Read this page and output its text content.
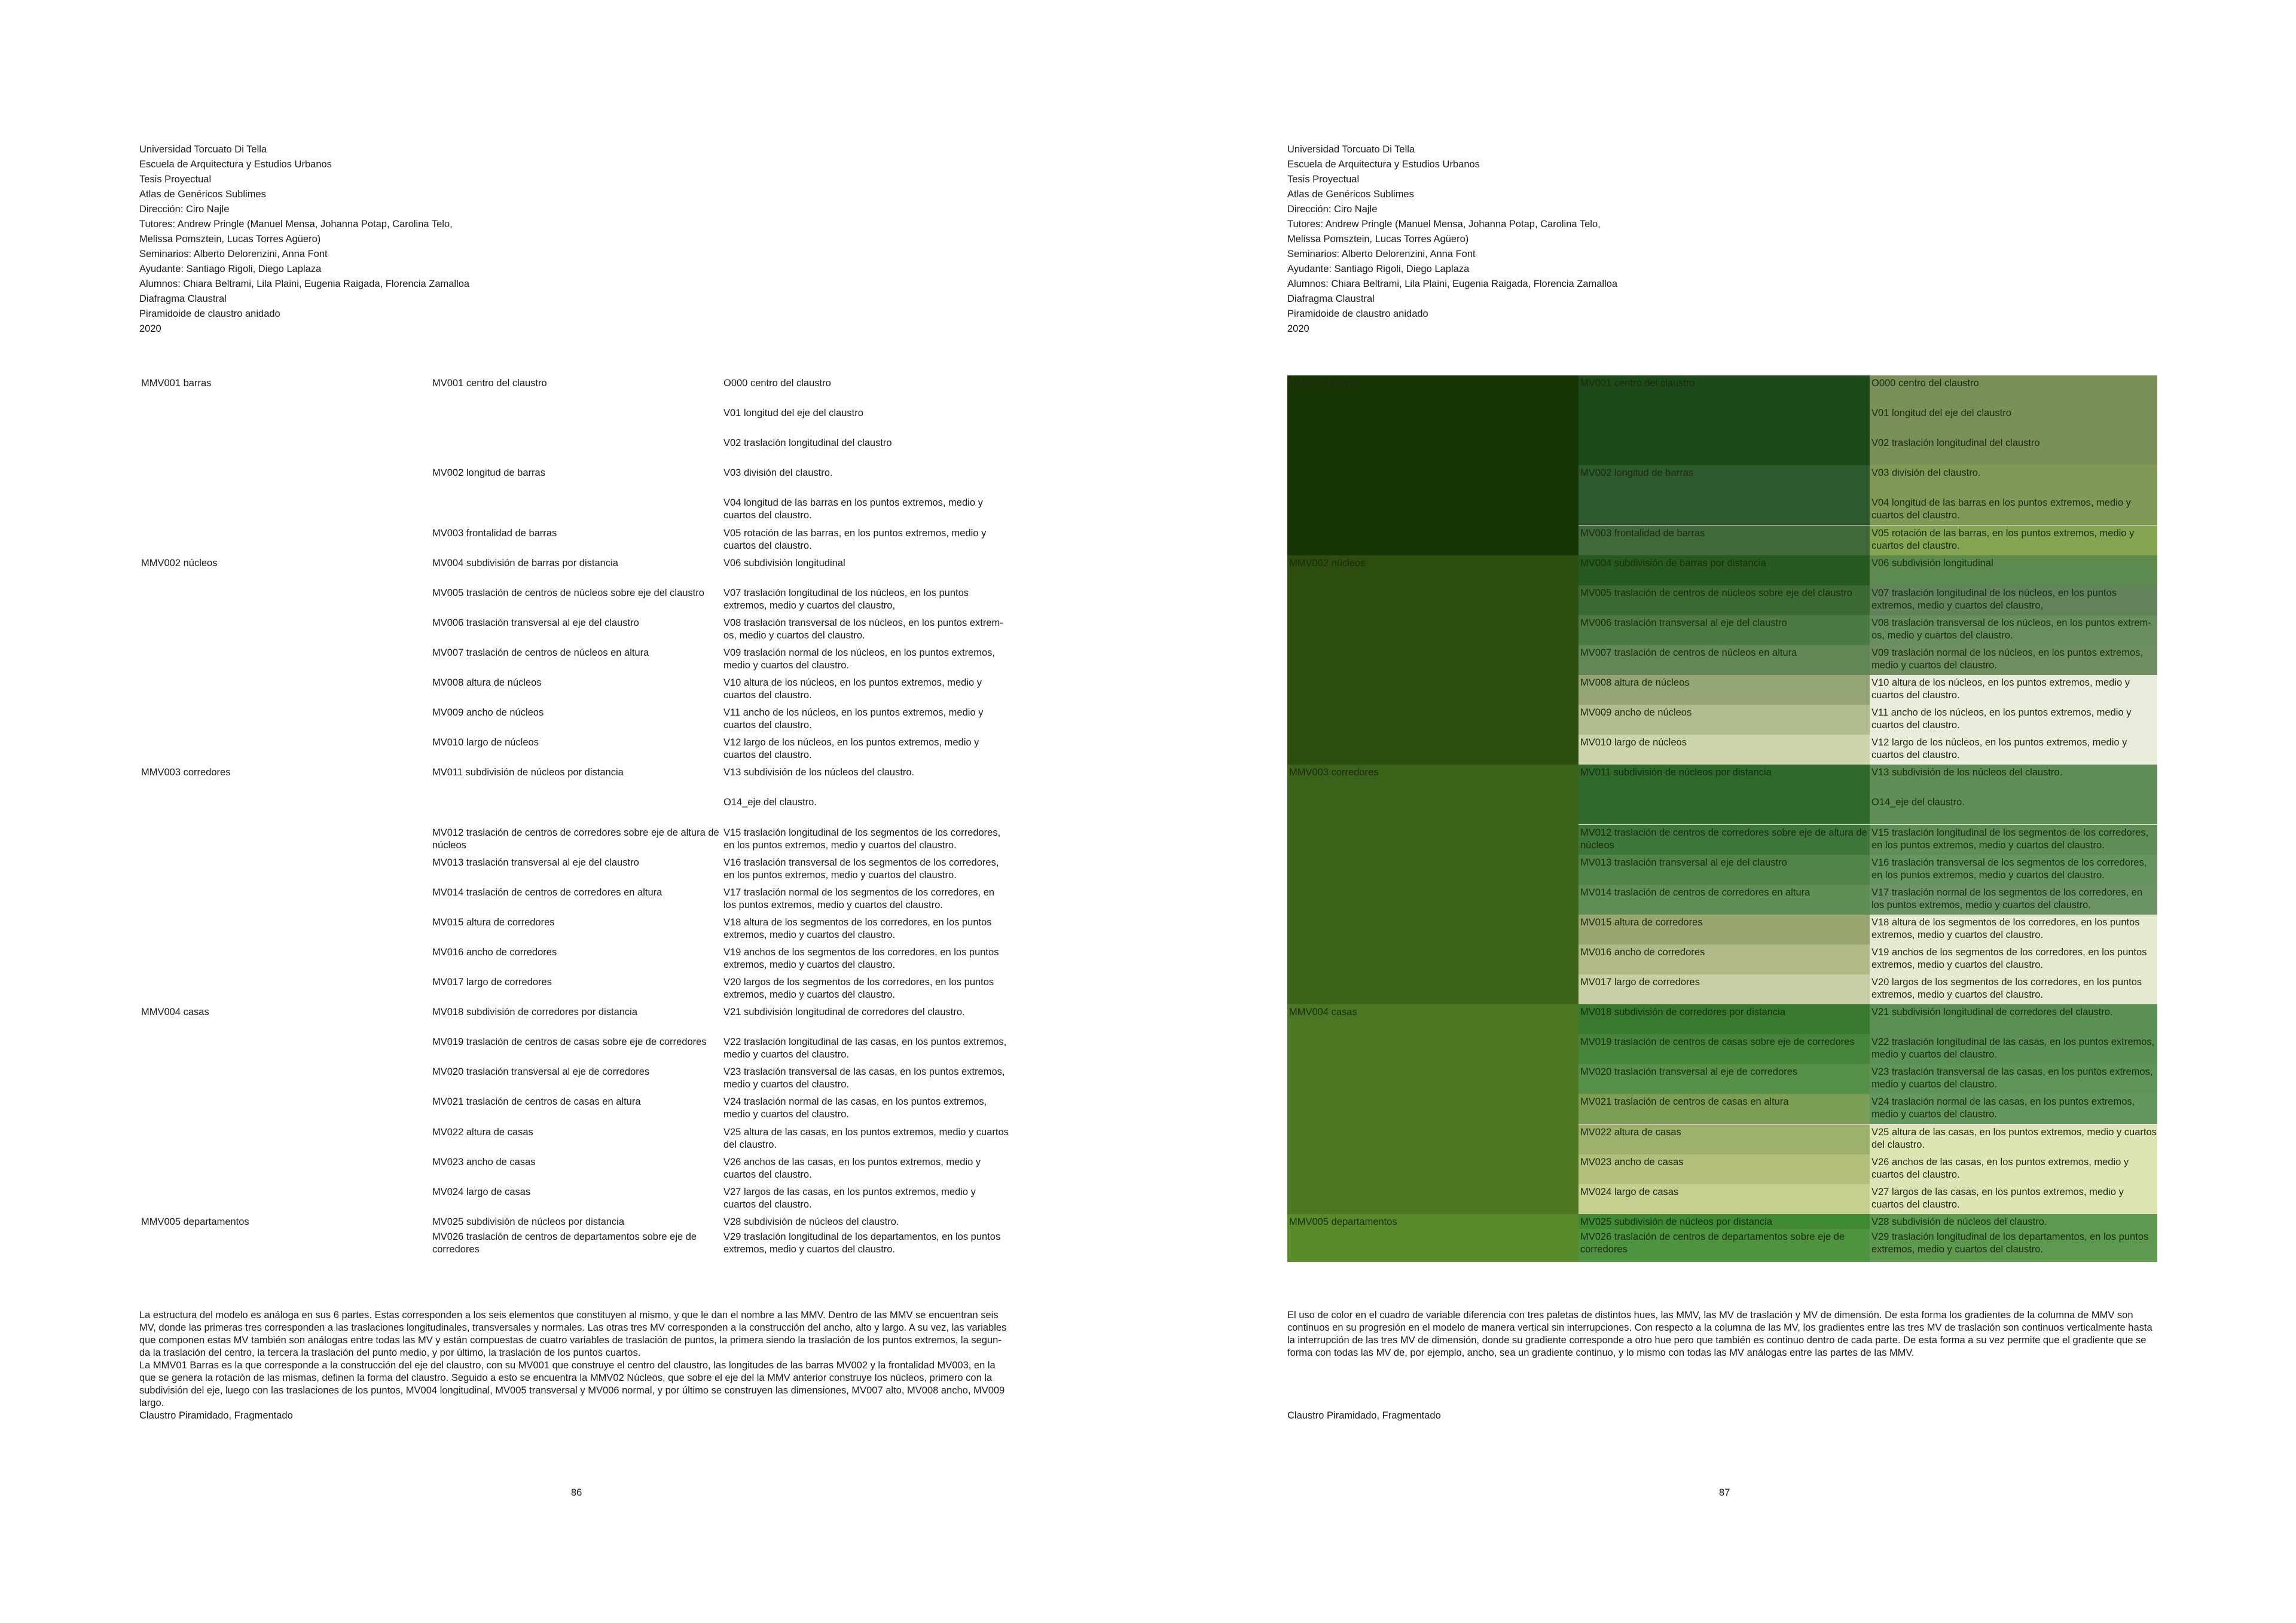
Universidad Torcuato Di Tella
Escuela de Arquitectura y Estudios Urbanos
Tesis Proyectual
Atlas de Genéricos Sublimes
Dirección: Ciro Najle
Tutores: Andrew Pringle (Manuel Mensa, Johanna Potap, Carolina Telo,
Melissa Pomsztein, Lucas Torres Agüero)
Seminarios: Alberto Delorenzini, Anna Font
Ayudante: Santiago Rigoli, Diego Laplaza
Alumnos: Chiara Beltrami, Lila Plaini, Eugenia Raigada, Florencia Zamalloa
Diafragma Claustral
Piramidoide de claustro anidado
2020
MMV001 barras
MMV002 núcleos
MMV003 corredores
MMV004 casas
MMV005 departamentos
MV001 centro del claustro
MV002 longitud de barras
MV003 frontalidad de barras
MV004 subdivisión de barras por distancia
MV005 traslación de centros de núcleos sobre eje del claustro
MV006 traslación transversal al eje del claustro
MV007 traslación de centros de núcleos en altura
MV008 altura de núcleos
MV009 ancho de núcleos
MV010 largo de núcleos
MV011 subdivisión de núcleos por distancia
MV012 traslación de centros de corredores sobre eje de altura de núcleos
MV013 traslación transversal al eje del claustro
MV014 traslación de centros de corredores en altura
MV015 altura de corredores
MV016 ancho de corredores
MV017 largo de corredores
MV018 subdivisión de corredores por distancia
MV019 traslación de centros de casas sobre eje de corredores
MV020 traslación transversal al eje de corredores
MV021 traslación de centros de casas en altura
MV022 altura de casas
MV023 ancho de casas
MV024 largo de casas
MV025 subdivisión de núcleos por distancia
MV026 traslación de centros de departamentos sobre eje de corredores
O000 centro del claustro
V01 longitud del eje del claustro
V02 traslación longitudinal del claustro
V03 división del claustro.
V04 longitud de las barras en los puntos extremos, medio y cuartos del claustro.
V05 rotación de las barras, en los puntos extremos, medio y cuartos del claustro.
V06 subdivisión longitudinal
V07 traslación longitudinal de los núcleos, en los puntos extremos, medio y cuartos del claustro,
V08 traslación transversal de los núcleos, en los puntos extrem-os, medio y cuartos del claustro.
V09 traslación normal de los núcleos, en los puntos extremos, medio y cuartos del claustro.
V10 altura de los núcleos, en los puntos extremos, medio y cuartos del claustro.
V11 ancho de los núcleos, en los puntos extremos, medio y cuartos del claustro.
V12 largo de los núcleos, en los puntos extremos, medio y cuartos del claustro.
V13 subdivisión de los núcleos del claustro.
O14_eje del claustro.
V15 traslación longitudinal de los segmentos de los corredores, en los puntos extremos, medio y cuartos del claustro.
V16 traslación transversal de los segmentos de los corredores, en los puntos extremos, medio y cuartos del claustro.
V17 traslación normal de los segmentos de los corredores, en los puntos extremos, medio y cuartos del claustro.
V18 altura de los segmentos de los corredores, en los puntos extremos, medio y cuartos del claustro.
V19 anchos de los segmentos de los corredores, en los puntos extremos, medio y cuartos del claustro.
V20 largos de los segmentos de los corredores, en los puntos extremos, medio y cuartos del claustro.
V21 subdivisión longitudinal de corredores del claustro.
V22 traslación longitudinal de las casas, en los puntos extremos, medio y cuartos del claustro.
V23 traslación transversal de las casas, en los puntos extremos, medio y cuartos del claustro.
V24 traslación normal de las casas, en los puntos extremos, medio y cuartos del claustro.
V25 altura de las casas, en los puntos extremos, medio y cuartos del claustro.
V26 anchos de las casas, en los puntos extremos, medio y cuartos del claustro.
V27 largos de las casas, en los puntos extremos, medio y cuartos del claustro.
V28 subdivisión de núcleos del claustro.
V29 traslación longitudinal de los departamentos, en los puntos extremos, medio y cuartos del claustro.

La estructura del modelo es análoga en sus 6 partes. Estas corresponden a los seis elementos que constituyen al mismo, y que le dan el nombre a las MMV. Dentro de las MMV se encuentran seis MV, donde las primeras tres corresponden a las traslaciones longitudinales, transversales y normales. Las otras tres MV corresponden a la construcción del ancho, alto y largo. A su vez, las variables que componen estas MV también son análogas entre todas las MV y están compuestas de cuatro variables de traslación de puntos, la primera siendo la traslación de los puntos extremos, la segun-da la traslación del centro, la tercera la traslación del punto medio, y por último, la traslación de los puntos cuartos.

La MMV01 Barras es la que corresponde a la construcción del eje del claustro, con su MV001 que construye el centro del claustro, las longitudes de las barras MV002 y la frontalidad MV003, en la que se genera la rotación de las mismas, definen la forma del claustro. Seguido a esto se encuentra la MMV02 Núcleos, que sobre el eje del la MMV anterior construye los núcleos, primero con la subdivisión del eje, luego con las traslaciones de los puntos, MV004 longitudinal, MV005 transversal y MV006 normal, y por último se construyen las dimensiones, MV007 alto, MV008 ancho, MV009 largo.

Claustro Piramidado, Fragmentado

86
Universidad Torcuato Di Tella
Escuela de Arquitectura y Estudios Urbanos
Tesis Proyectual
Atlas de Genéricos Sublimes
Dirección: Ciro Najle
Tutores: Andrew Pringle (Manuel Mensa, Johanna Potap, Carolina Telo,
Melissa Pomsztein, Lucas Torres Agüero)
Seminarios: Alberto Delorenzini, Anna Font
Ayudante: Santiago Rigoli, Diego Laplaza
Alumnos: Chiara Beltrami, Lila Plaini, Eugenia Raigada, Florencia Zamalloa
Diafragma Claustral
Piramidoide de claustro anidado
2020
MMV001 barras
MMV002 núcleos
MMV003 corredores
MMV004 casas
MMV005 departamentos
MV001 centro del claustro
MV002 longitud de barras
MV003 frontalidad de barras
MV004 subdivisión de barras por distancia
MV005 traslación de centros de núcleos sobre eje del claustro
MV006 traslación transversal al eje del claustro
MV007 traslación de centros de núcleos en altura
MV008 altura de núcleos
MV009 ancho de núcleos
MV010 largo de núcleos
MV011 subdivisión de núcleos por distancia
MV012 traslación de centros de corredores sobre eje de altura de núcleos
MV013 traslación transversal al eje del claustro
MV014 traslación de centros de corredores en altura
MV015 altura de corredores
MV016 ancho de corredores
MV017 largo de corredores
MV018 subdivisión de corredores por distancia
MV019 traslación de centros de casas sobre eje de corredores
MV020 traslación transversal al eje de corredores
MV021 traslación de centros de casas en altura
MV022 altura de casas
MV023 ancho de casas
MV024 largo de casas
MV025 subdivisión de núcleos por distancia
MV026 traslación de centros de departamentos sobre eje de corredores
O000 centro del claustro
V01 longitud del eje del claustro
V02 traslación longitudinal del claustro
V03 división del claustro.
V04 longitud de las barras en los puntos extremos, medio y cuartos del claustro.
V05 rotación de las barras, en los puntos extremos, medio y cuartos del claustro.
V06 subdivisión longitudinal
V07 traslación longitudinal de los núcleos, en los puntos extremos, medio y cuartos del claustro,
V08 traslación transversal de los núcleos, en los puntos extrem-os, medio y cuartos del claustro.
V09 traslación normal de los núcleos, en los puntos extremos, medio y cuartos del claustro.
V10 altura de los núcleos, en los puntos extremos, medio y cuartos del claustro.
V11 ancho de los núcleos, en los puntos extremos, medio y cuartos del claustro.
V12 largo de los núcleos, en los puntos extremos, medio y cuartos del claustro.
V13 subdivisión de los núcleos del claustro.
O14_eje del claustro.
V15 traslación longitudinal de los segmentos de los corredores, en los puntos extremos, medio y cuartos del claustro.
V16 traslación transversal de los segmentos de los corredores, en los puntos extremos, medio y cuartos del claustro.
V17 traslación normal de los segmentos de los corredores, en los puntos extremos, medio y cuartos del claustro.
V18 altura de los segmentos de los corredores, en los puntos extremos, medio y cuartos del claustro.
V19 anchos de los segmentos de los corredores, en los puntos extremos, medio y cuartos del claustro.
V20 largos de los segmentos de los corredores, en los puntos extremos, medio y cuartos del claustro.
V21 subdivisión longitudinal de corredores del claustro.
V22 traslación longitudinal de las casas, en los puntos extremos, medio y cuartos del claustro.
V23 traslación transversal de las casas, en los puntos extremos, medio y cuartos del claustro.
V24 traslación normal de las casas, en los puntos extremos, medio y cuartos del claustro.
V25 altura de las casas, en los puntos extremos, medio y cuartos del claustro.
V26 anchos de las casas, en los puntos extremos, medio y cuartos del claustro.
V27 largos de las casas, en los puntos extremos, medio y cuartos del claustro.
V28 subdivisión de núcleos del claustro.
V29 traslación longitudinal de los departamentos, en los puntos extremos, medio y cuartos del claustro.

El uso de color en el cuadro de variable diferencia con tres paletas de distintos hues, las MMV, las MV de traslación y MV de dimensión. De esta forma los gradientes de la columna de MMV son continuos en su progresión en el modelo de manera vertical sin interrupciones. Con respecto a la columna de las MV, los gradientes entre las tres MV de traslación son continuos verticalmente hasta la interrupción de las tres MV de dimensión, donde su gradiente corresponde a otro hue pero que también es continuo dentro de cada parte. De esta forma a su vez permite que el gradiente que se forma con todas las MV de, por ejemplo, ancho, sea un gradiente continuo, y lo mismo con todas las MV análogas entre las partes de las MMV.

Claustro Piramidado, Fragmentado

87
